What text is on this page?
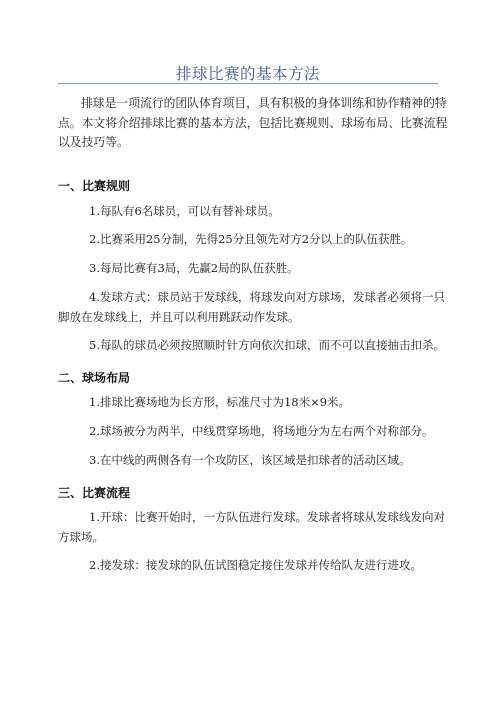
排球比赛的基本方法

排球是一项流行的团队体育项目，具有积极的身体训练和协作精神的特点。本文将介绍排球比赛的基本方法，包括比赛规则、球场布局、比赛流程以及技巧等。

一、比赛规则

1.每队有6名球员，可以有替补球员。

2.比赛采用25分制，先得25分且领先对方2分以上的队伍获胜。

3.每局比赛有3局，先赢2局的队伍获胜。

4.发球方式：球员站于发球线，将球发向对方球场，发球者必须将一只脚放在发球线上，并且可以利用跳跃动作发球。

5.每队的球员必须按照顺时针方向依次扣球，而不可以直接抽击扣杀。

二、球场布局

1.排球比赛场地为长方形，标准尺寸为18米×9米。

2.球场被分为两半，中线贯穿场地，将场地分为左右两个对称部分。

3.在中线的两侧各有一个攻防区，该区域是扣球者的活动区域。

三、比赛流程

1.开球：比赛开始时，一方队伍进行发球。发球者将球从发球线发向对方球场。

2.接发球：接发球的队伍试图稳定接住发球并传给队友进行进攻。
